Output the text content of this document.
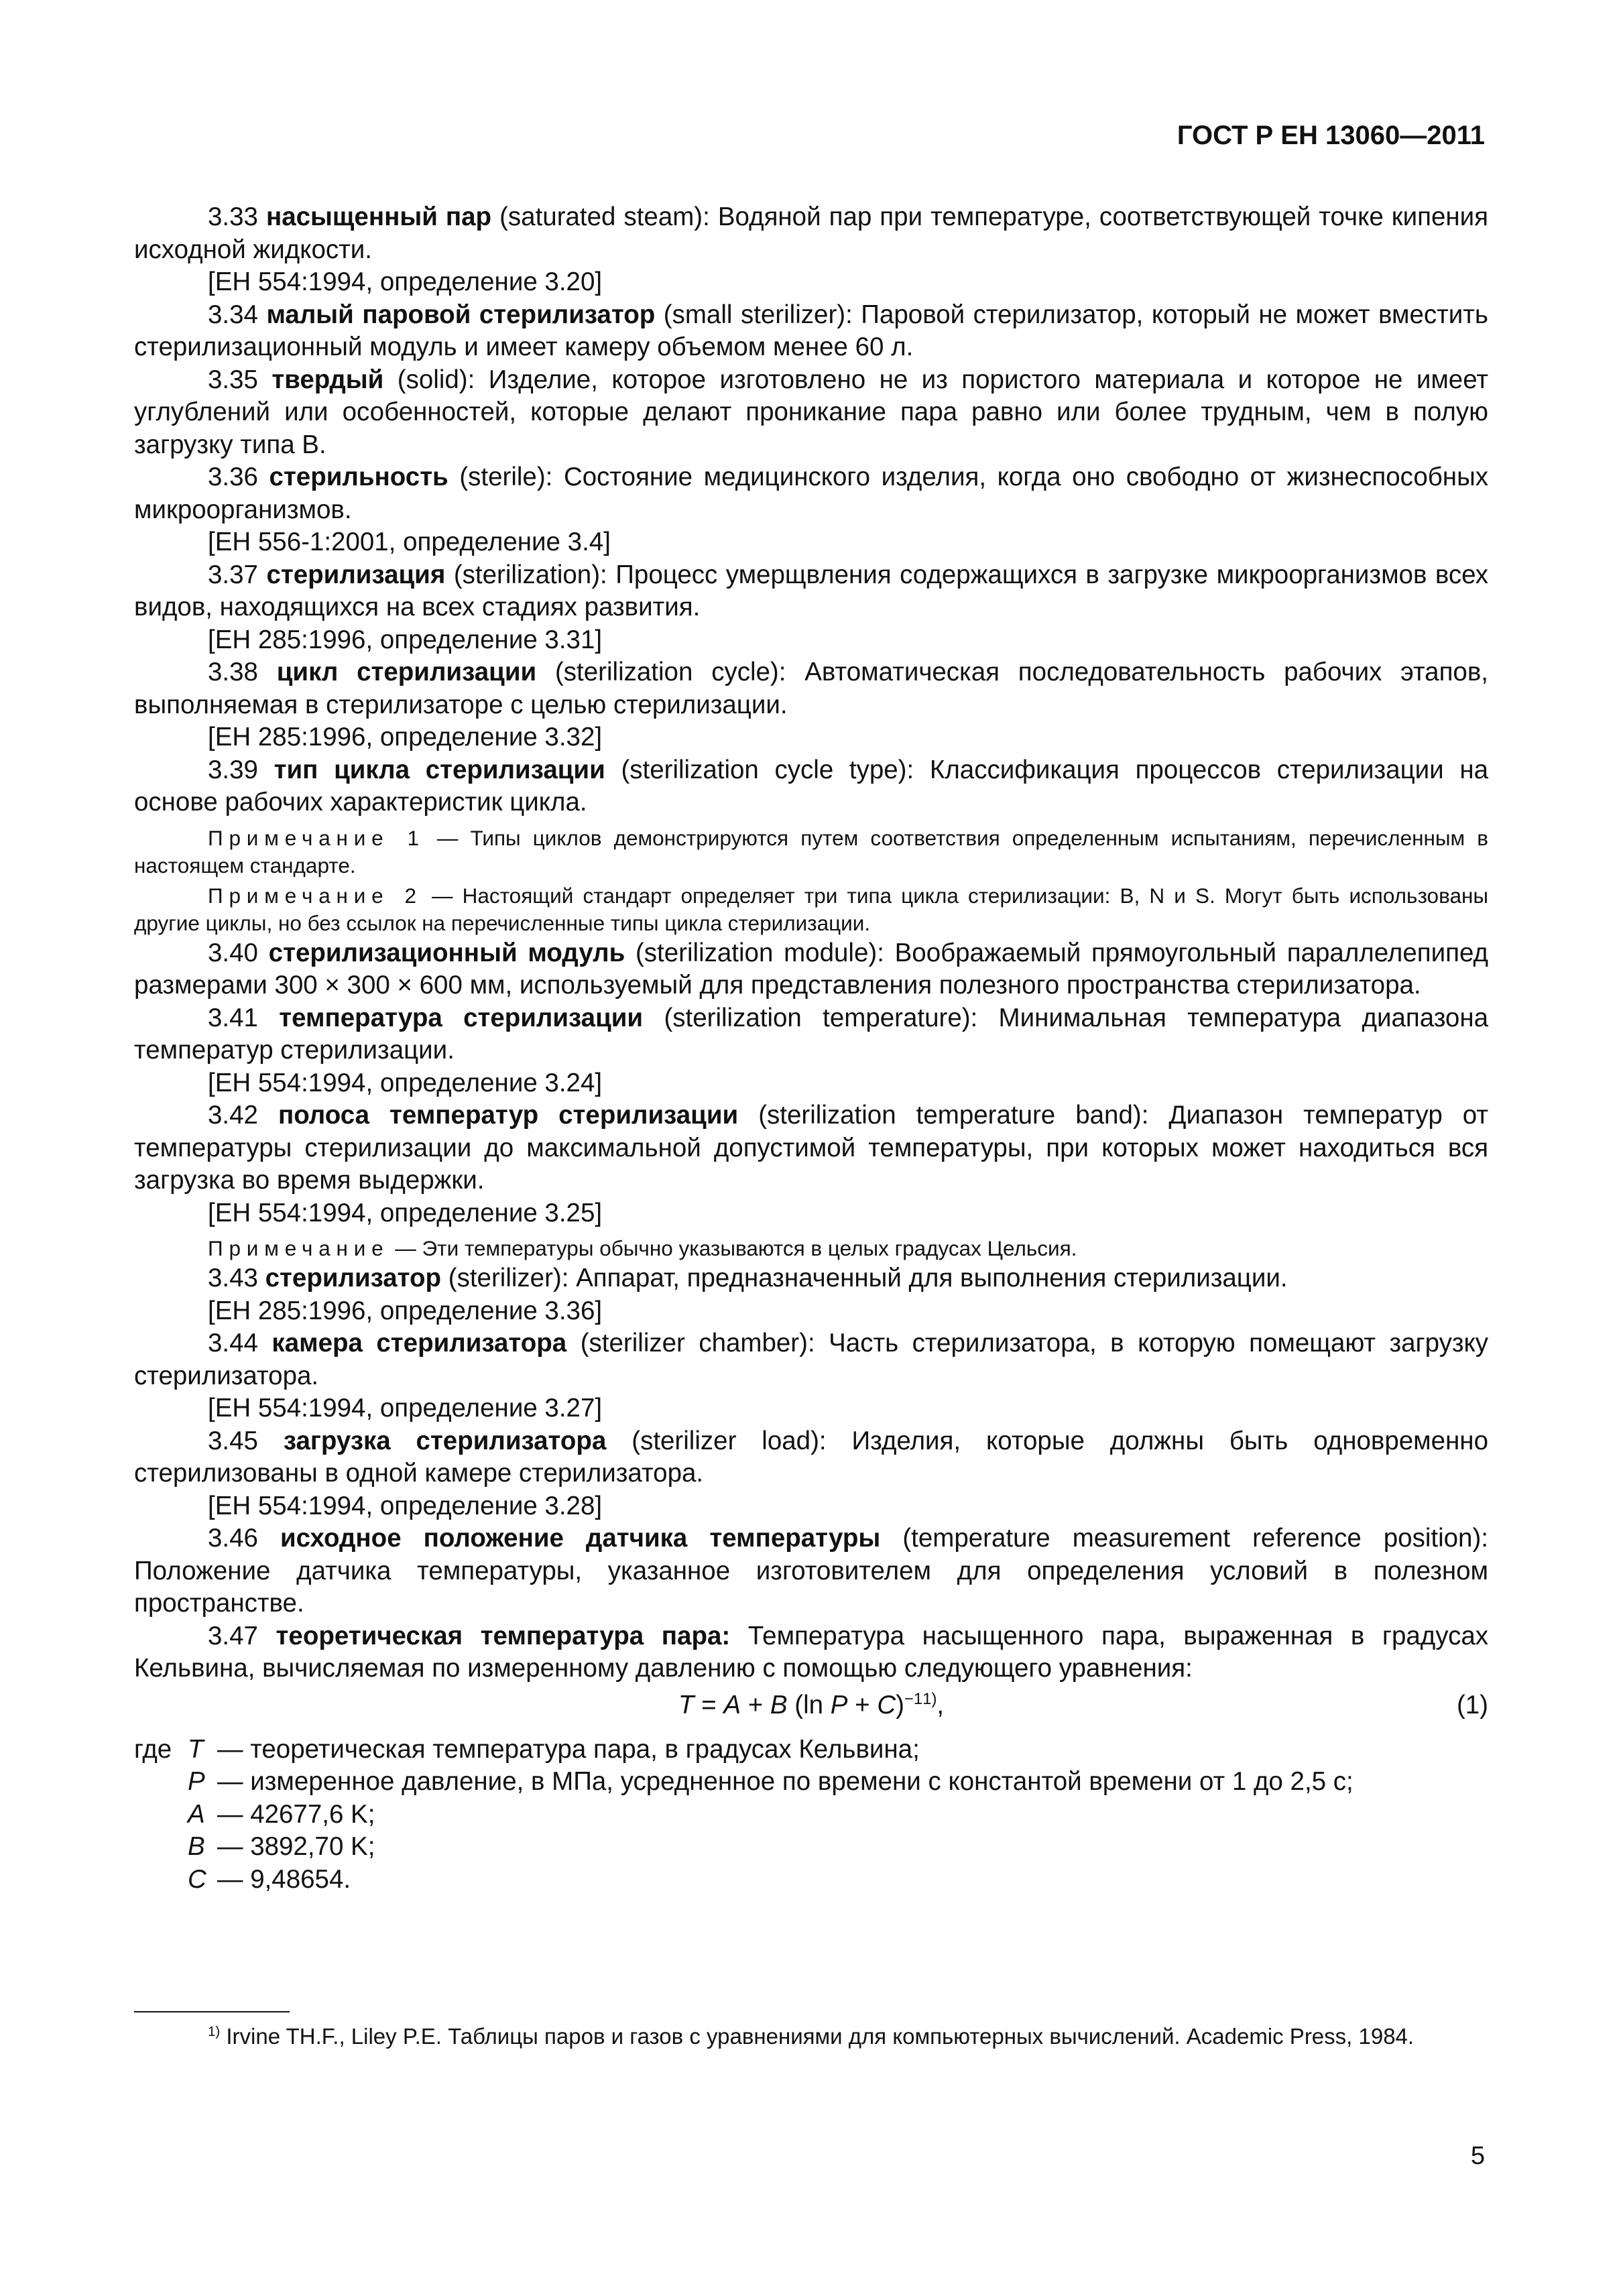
ГОСТ Р ЕН 13060—2011

3.33 насыщенный пар (saturated steam): Водяной пар при температуре, соответствующей точке кипения исходной жидкости.

[ЕН 554:1994, определение 3.20]

3.34 малый паровой стерилизатор (small sterilizer): Паровой стерилизатор, который не может вместить стерилизационный модуль и имеет камеру объемом менее 60 л.

3.35 твердый (solid): Изделие, которое изготовлено не из пористого материала и которое не имеет углублений или особенностей, которые делают проникание пара равно или более трудным, чем в полую загрузку типа B.

3.36 стерильность (sterile): Состояние медицинского изделия, когда оно свободно от жизнеспособных микроорганизмов.

[ЕН 556-1:2001, определение 3.4]

3.37 стерилизация (sterilization): Процесс умерщвления содержащихся в загрузке микроорганизмов всех видов, находящихся на всех стадиях развития.

[ЕН 285:1996, определение 3.31]

3.38 цикл стерилизации (sterilization cycle): Автоматическая последовательность рабочих этапов, выполняемая в стерилизаторе с целью стерилизации.

[ЕН 285:1996, определение 3.32]

3.39 тип цикла стерилизации (sterilization cycle type): Классификация процессов стерилизации на основе рабочих характеристик цикла.

Примечание 1 — Типы циклов демонстрируются путем соответствия определенным испытаниям, перечисленным в настоящем стандарте.

Примечание 2 — Настоящий стандарт определяет три типа цикла стерилизации: B, N и S. Могут быть использованы другие циклы, но без ссылок на перечисленные типы цикла стерилизации.

3.40 стерилизационный модуль (sterilization module): Воображаемый прямоугольный параллелепипед размерами 300 × 300 × 600 мм, используемый для представления полезного пространства стерилизатора.

3.41 температура стерилизации (sterilization temperature): Минимальная температура диапазона температур стерилизации.

[ЕН 554:1994, определение 3.24]

3.42 полоса температур стерилизации (sterilization temperature band): Диапазон температур от температуры стерилизации до максимальной допустимой температуры, при которых может находиться вся загрузка во время выдержки.

[ЕН 554:1994, определение 3.25]

Примечание — Эти температуры обычно указываются в целых градусах Цельсия.

3.43 стерилизатор (sterilizer): Аппарат, предназначенный для выполнения стерилизации.

[ЕН 285:1996, определение 3.36]

3.44 камера стерилизатора (sterilizer chamber): Часть стерилизатора, в которую помещают загрузку стерилизатора.

[ЕН 554:1994, определение 3.27]

3.45 загрузка стерилизатора (sterilizer load): Изделия, которые должны быть одновременно стерилизованы в одной камере стерилизатора.

[ЕН 554:1994, определение 3.28]

3.46 исходное положение датчика температуры (temperature measurement reference position): Положение датчика температуры, указанное изготовителем для определения условий в полезном пространстве.

3.47 теоретическая температура пара: Температура насыщенного пара, выраженная в градусах Кельвина, вычисляемая по измеренному давлению с помощью следующего уравнения:

T = A + B (ln P + C)$^{-11)}$,	(1)
где T — теоретическая температура пара, в градусах Кельвина;
P — измеренное давление, в МПа, усредненное по времени с константой времени от 1 до 2,5 с;
A — 42677,6 K;
B — 3892,70 K;
C — 9,48654.
$^{1)}$ Irvine TH.F., Liley P.E. Таблицы паров и газов с уравнениями для компьютерных вычислений. Academic Press, 1984.
5
